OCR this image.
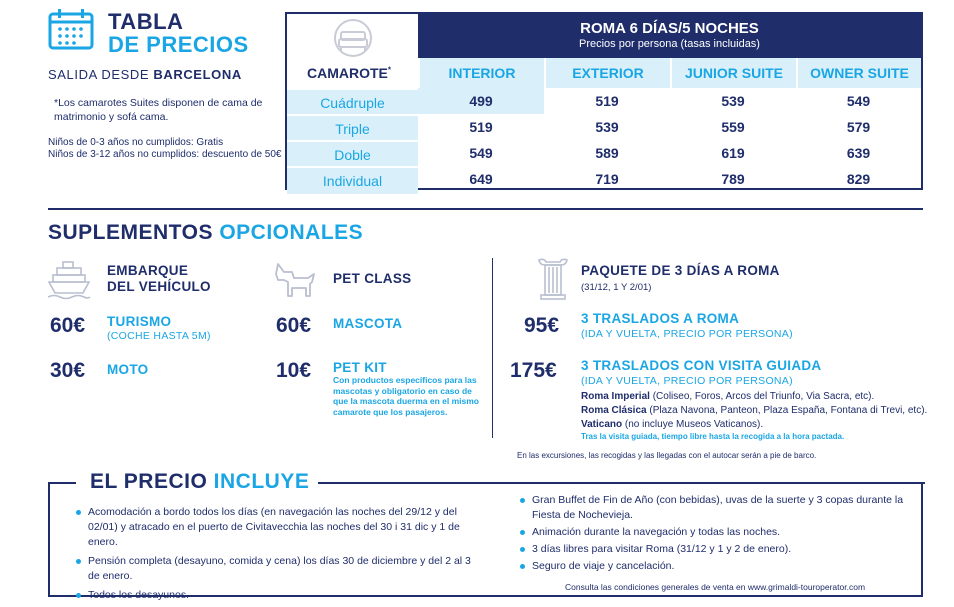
TABLA
DE PRECIOS
SALIDA DESDE BARCELONA
*Los camarotes Suites disponen de cama de matrimonio y sofá cama.
Niños de 0-3 años no cumplidos: Gratis
Niños de 3-12 años no cumplidos: descuento de 50€
CAMAROTE*
ROMA 6 DÍAS/5 NOCHES
Precios por persona (tasas incluidas)
INTERIOR	EXTERIOR	JUNIOR SUITE	OWNER SUITE
Cuádruple	499	519	539	549
Triple	519	539	559	579
Doble	549	589	619	639
Individual	649	719	789	829
SUPLEMENTOS OPCIONALES
EMBARQUE
DEL VEHÍCULO
60€ TURISMO
(COCHE HASTA 5M)
30€ MOTO
PET CLASS
60€ MASCOTA
10€ PET KIT
Con productos específicos para las mascotas y obligatorio en caso de que la mascota duerma en el mismo camarote que los pasajeros.
PAQUETE DE 3 DÍAS A ROMA
(31/12, 1 Y 2/01)
95€ 3 TRASLADOS A ROMA
(IDA Y VUELTA, PRECIO POR PERSONA)
175€ 3 TRASLADOS CON VISITA GUIADA
(IDA Y VUELTA, PRECIO POR PERSONA)
Roma Imperial (Coliseo, Foros, Arcos del Triunfo, Via Sacra, etc).
Roma Clásica (Plaza Navona, Panteon, Plaza España, Fontana di Trevi, etc).
Vaticano (no incluye Museos Vaticanos).
Tras la visita guiada, tiempo libre hasta la recogida a la hora pactada.
En las excursiones, las recogidas y las llegadas con el autocar serán a pie de barco.
EL PRECIO INCLUYE
Acomodación a bordo todos los días (en navegación las noches del 29/12 y del 02/01) y atracado en el puerto de Civitavecchia las noches del 30 i 31 dic y 1 de enero.
Pensión completa (desayuno, comida y cena) los días 30 de diciembre y del 2 al 3 de enero.
Todos los desayunos.
Gran Buffet de Fin de Año (con bebidas), uvas de la suerte y 3 copas durante la Fiesta de Nochevieja.
Animación durante la navegación y todas las noches.
3 días libres para visitar Roma (31/12 y 1 y 2 de enero).
Seguro de viaje y cancelación.
Consulta las condiciones generales de venta en www.grimaldi-touroperator.com
